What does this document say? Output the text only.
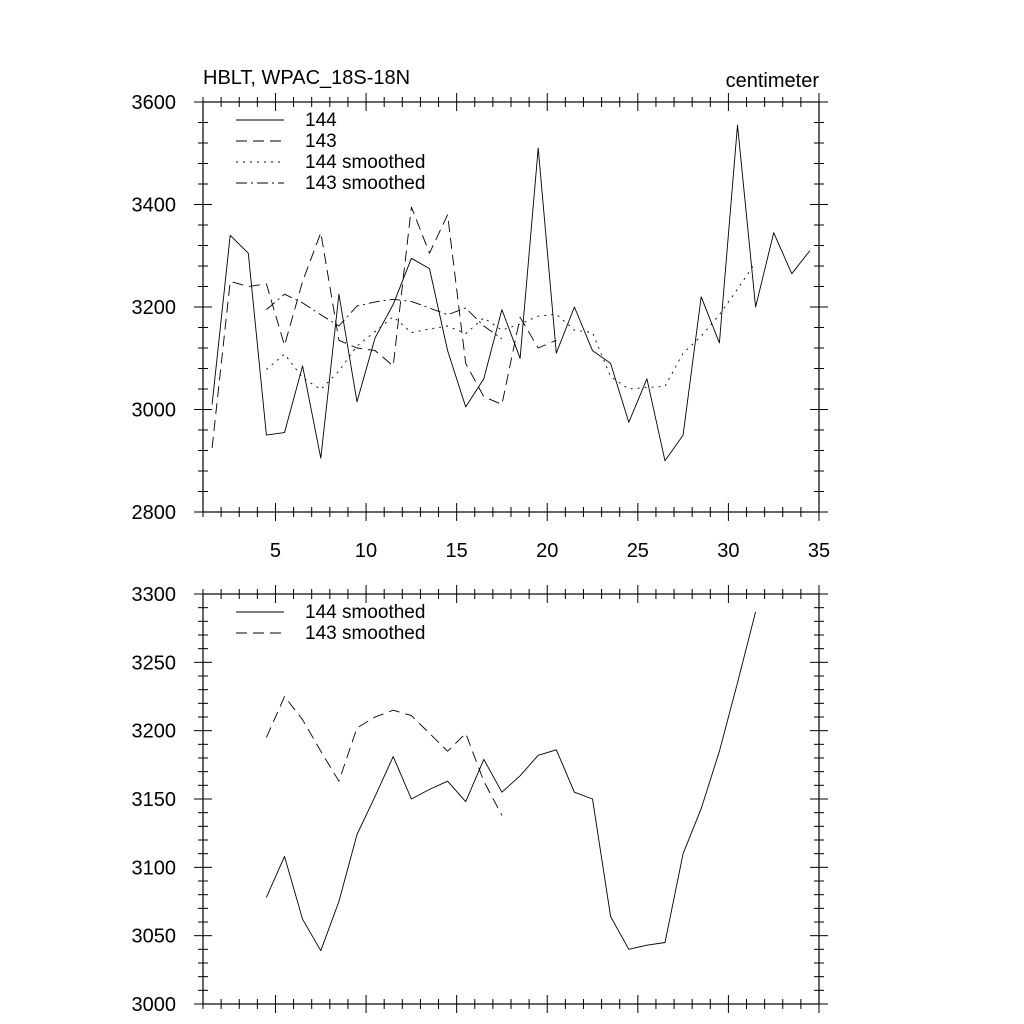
HBLT, WPAC_18S-18N	centimeter
5	10	15	20	25	30	35
2800
3000
3200
3400
3600
144
143
144 smoothed
143 smoothed
3000
3050
3100
3150
3200
3250
3300
144 smoothed
143 smoothed
